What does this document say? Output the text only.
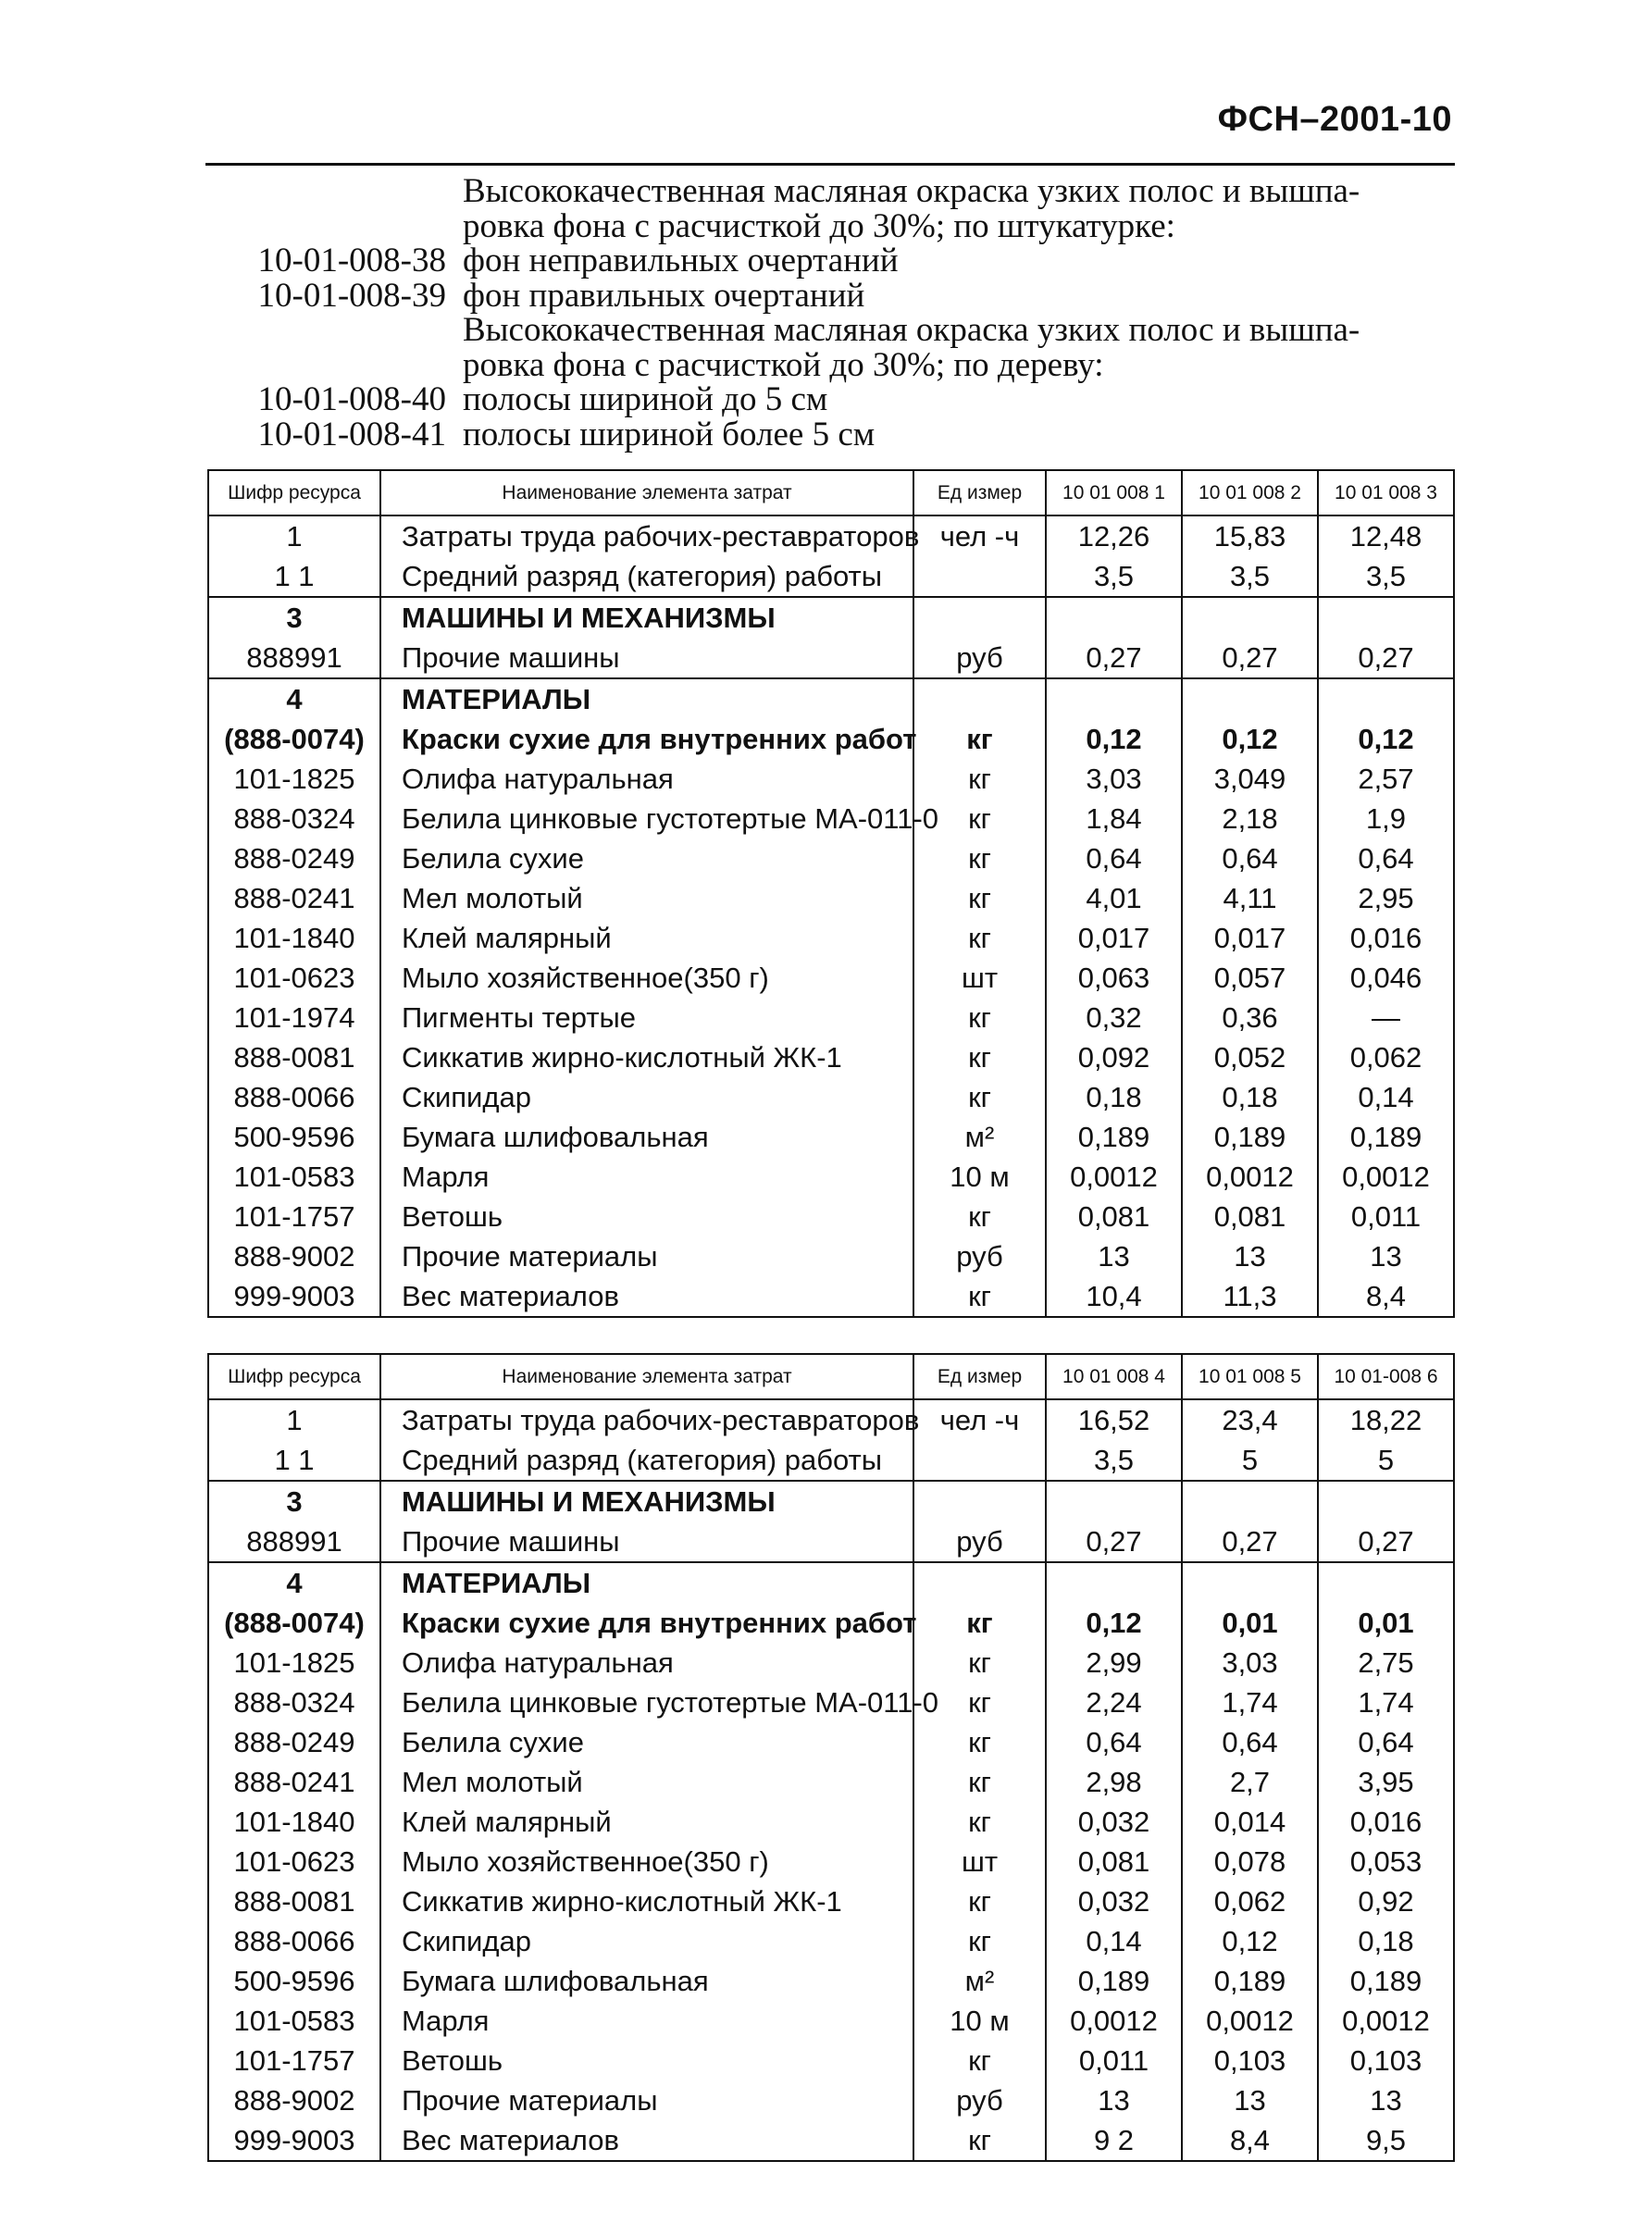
ФСН–2001-10
Высококачественная масляная окраска узких полос и вышпа-
ровка фона с расчисткой до 30%; по штукатурке:
10-01-008-38 фон неправильных очертаний
10-01-008-39 фон правильных очертаний
Высококачественная масляная окраска узких полос и вышпа-
ровка фона с расчисткой до 30%; по дереву:
10-01-008-40 полосы шириной до 5 см
10-01-008-41 полосы шириной более 5 см
Шифр ресурса	Наименование элемента затрат	Ед измер	10 01 008 1	10 01 008 2	10 01 008 3
1	Затраты труда рабочих-реставраторов	чел -ч	12,26	15,83	12,48
1 1	Средний разряд (категория) работы		3,5	3,5	3,5
3	МАШИНЫ И МЕХАНИЗМЫ				
888991	Прочие машины	руб	0,27	0,27	0,27
4	МАТЕРИАЛЫ				
(888-0074)	Краски сухие для внутренних работ	кг	0,12	0,12	0,12
101-1825	Олифа натуральная	кг	3,03	3,049	2,57
888-0324	Белила цинковые густотертые МА-011-0	кг	1,84	2,18	1,9
888-0249	Белила сухие	кг	0,64	0,64	0,64
888-0241	Мел молотый	кг	4,01	4,11	2,95
101-1840	Клей малярный	кг	0,017	0,017	0,016
101-0623	Мыло хозяйственное(350 г)	шт	0,063	0,057	0,046
101-1974	Пигменты тертые	кг	0,32	0,36	—
888-0081	Сиккатив жирно-кислотный ЖК-1	кг	0,092	0,052	0,062
888-0066	Скипидар	кг	0,18	0,18	0,14
500-9596	Бумага шлифовальная	м²	0,189	0,189	0,189
101-0583	Марля	10 м	0,0012	0,0012	0,0012
101-1757	Ветошь	кг	0,081	0,081	0,011
888-9002	Прочие материалы	руб	13	13	13
999-9003	Вес материалов	кг	10,4	11,3	8,4
Шифр ресурса	Наименование элемента затрат	Ед измер	10 01 008 4	10 01 008 5	10 01-008 6
1	Затраты труда рабочих-реставраторов	чел -ч	16,52	23,4	18,22
1 1	Средний разряд (категория) работы		3,5	5	5
3	МАШИНЫ И МЕХАНИЗМЫ				
888991	Прочие машины	руб	0,27	0,27	0,27
4	МАТЕРИАЛЫ				
(888-0074)	Краски сухие для внутренних работ	кг	0,12	0,01	0,01
101-1825	Олифа натуральная	кг	2,99	3,03	2,75
888-0324	Белила цинковые густотертые МА-011-0	кг	2,24	1,74	1,74
888-0249	Белила сухие	кг	0,64	0,64	0,64
888-0241	Мел молотый	кг	2,98	2,7	3,95
101-1840	Клей малярный	кг	0,032	0,014	0,016
101-0623	Мыло хозяйственное(350 г)	шт	0,081	0,078	0,053
888-0081	Сиккатив жирно-кислотный ЖК-1	кг	0,032	0,062	0,92
888-0066	Скипидар	кг	0,14	0,12	0,18
500-9596	Бумага шлифовальная	м²	0,189	0,189	0,189
101-0583	Марля	10 м	0,0012	0,0012	0,0012
101-1757	Ветошь	кг	0,011	0,103	0,103
888-9002	Прочие материалы	руб	13	13	13
999-9003	Вес материалов	кг	9 2	8,4	9,5
